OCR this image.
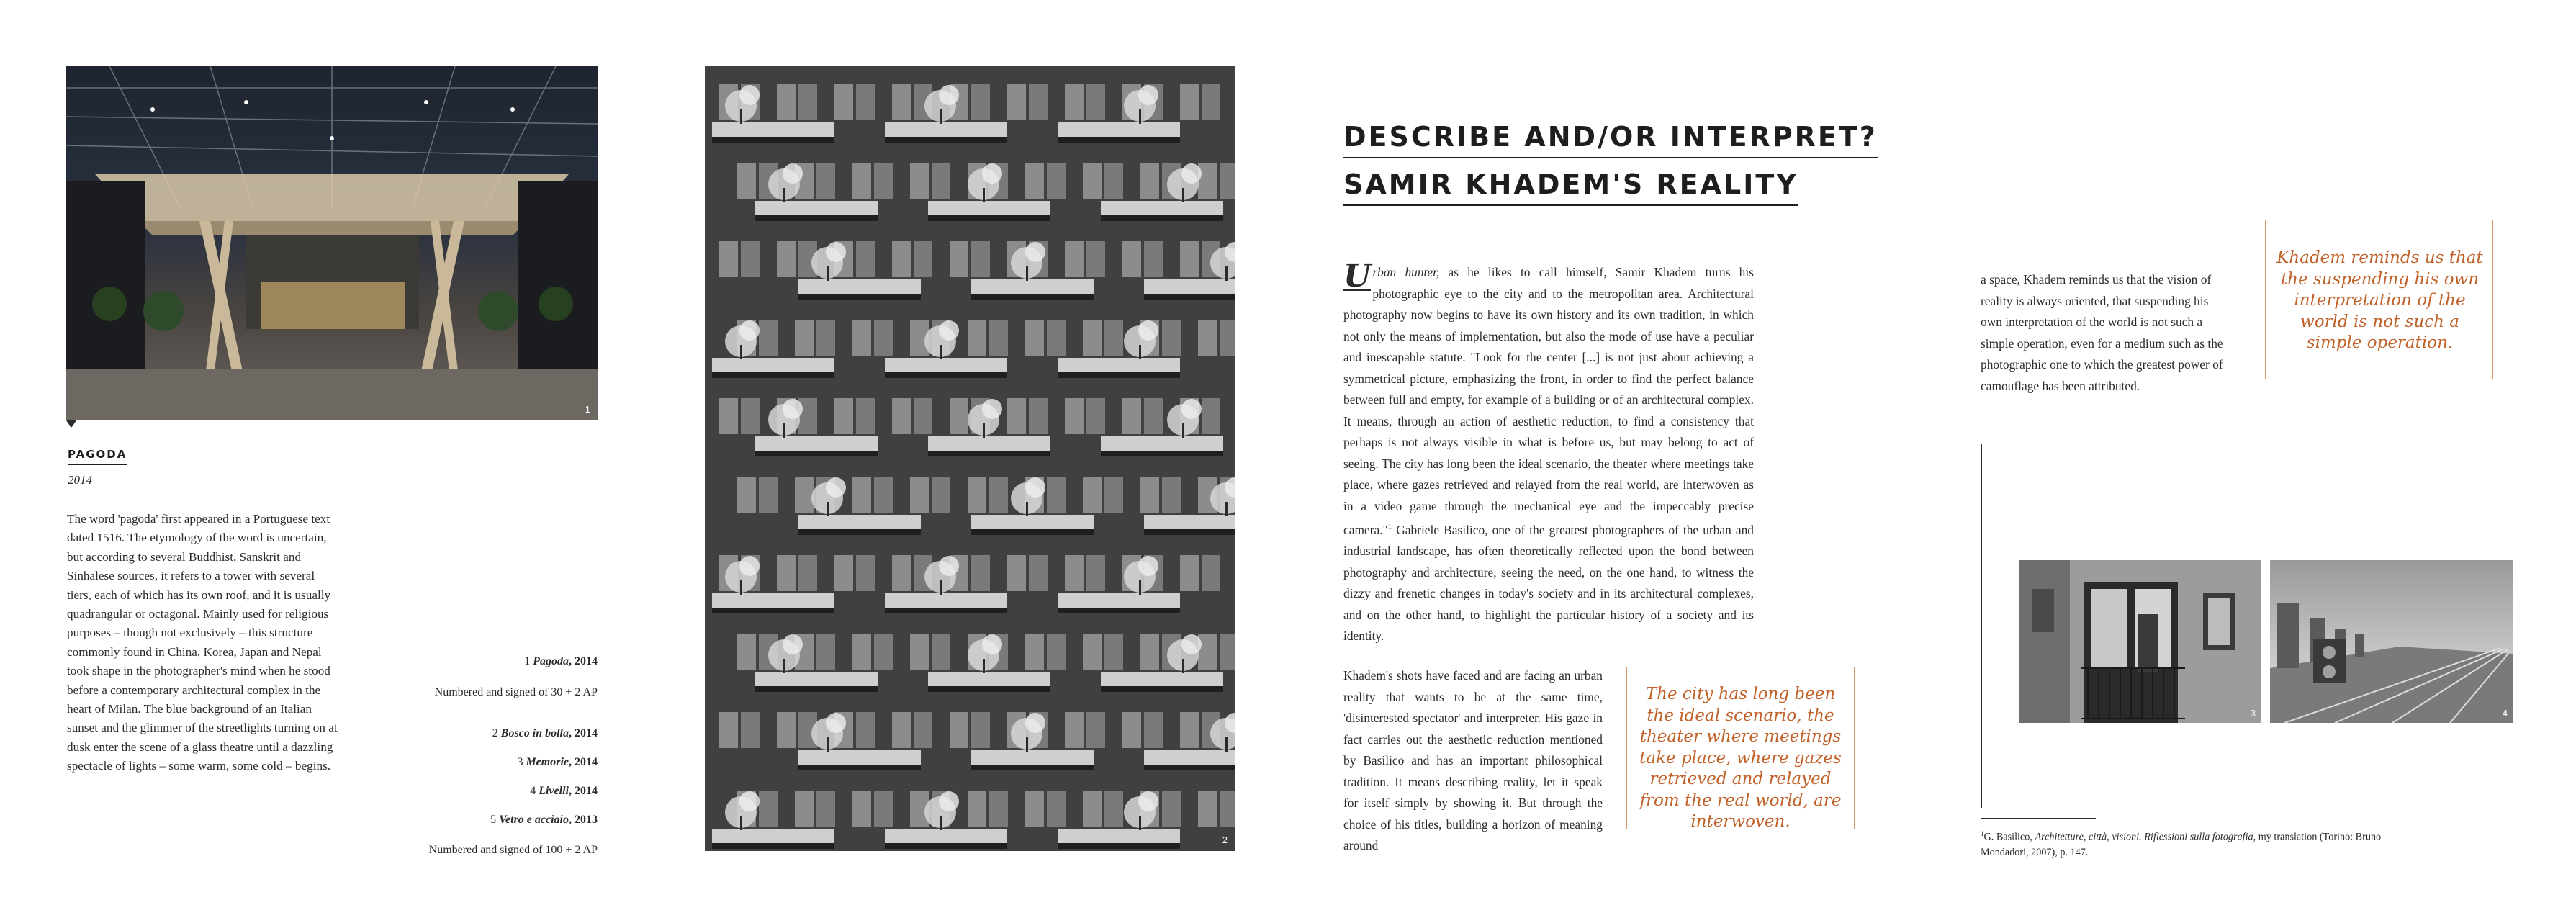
1
PAGODA
2014
The word 'pagoda' first appeared in a Portuguese text dated 1516. The etymology of the word is uncertain, but according to several Buddhist, Sanskrit and Sinhalese sources, it refers to a tower with several tiers, each of which has its own roof, and it is usually quadrangular or octagonal. Mainly used for religious purposes – though not exclusively – this structure commonly found in China, Korea, Japan and Nepal took shape in the photographer's mind when he stood before a contemporary architectural complex in the heart of Milan. The blue background of an Italian sunset and the glimmer of the streetlights turning on at dusk enter the scene of a glass theatre until a dazzling spectacle of lights – some warm, some cold – begins.
1 Pagoda, 2014
Numbered and signed of 30 + 2 AP
2 Bosco in bolla, 2014
3 Memorie, 2014
4 Livelli, 2014
5 Vetro e acciaio, 2013
Numbered and signed of 100 + 2 AP
2
DESCRIBE AND/OR INTERPRET?
SAMIR KHADEM'S REALITY
U rban hunter, as he likes to call himself, Samir Khadem turns his photographic eye to the city and to the metropolitan area. Architectural photography now begins to have its own history and its own tradition, in which not only the means of implementation, but also the mode of use have a peculiar and inescapable statute. "Look for the center [...] is not just about achieving a symmetrical picture, emphasizing the front, in order to find the perfect balance between full and empty, for example of a building or of an architectural complex. It means, through an action of aesthetic reduction, to find a consistency that perhaps is not always visible in what is before us, but may belong to act of seeing. The city has long been the ideal scenario, the theater where meetings take place, where gazes retrieved and relayed from the real world, are interwoven as in a video game through the mechanical eye and the impeccably precise camera."$^1$ Gabriele Basilico, one of the greatest photographers of the urban and industrial landscape, has often theoretically reflected upon the bond between photography and architecture, seeing the need, on the one hand, to witness the dizzy and frenetic changes in today's society and in its architectural complexes, and on the other hand, to highlight the particular history of a society and its identity.
Khadem's shots have faced and are facing an urban reality that wants to be at the same time, 'disinterested spectator' and interpreter. His gaze in fact carries out the aesthetic reduction mentioned by Basilico and has an important philosophical tradition. It means describing reality, let it speak for itself simply by showing it. But through the choice of his titles, building a horizon of meaning around
The city has long been the ideal scenario, the theater where meetings take place, where gazes retrieved and relayed from the real world, are interwoven.
a space, Khadem reminds us that the vision of reality is always oriented, that suspending his own interpretation of the world is not such a simple operation, even for a medium such as the photographic one to which the greatest power of camouflage has been attributed.
Khadem reminds us that the suspending his own interpretation of the world is not such a simple operation.
3	4
$^1$G. Basilico, Architetture, città, visioni. Riflessioni sulla fotografia, my translation (Torino: Bruno Mondadori, 2007), p. 147.
